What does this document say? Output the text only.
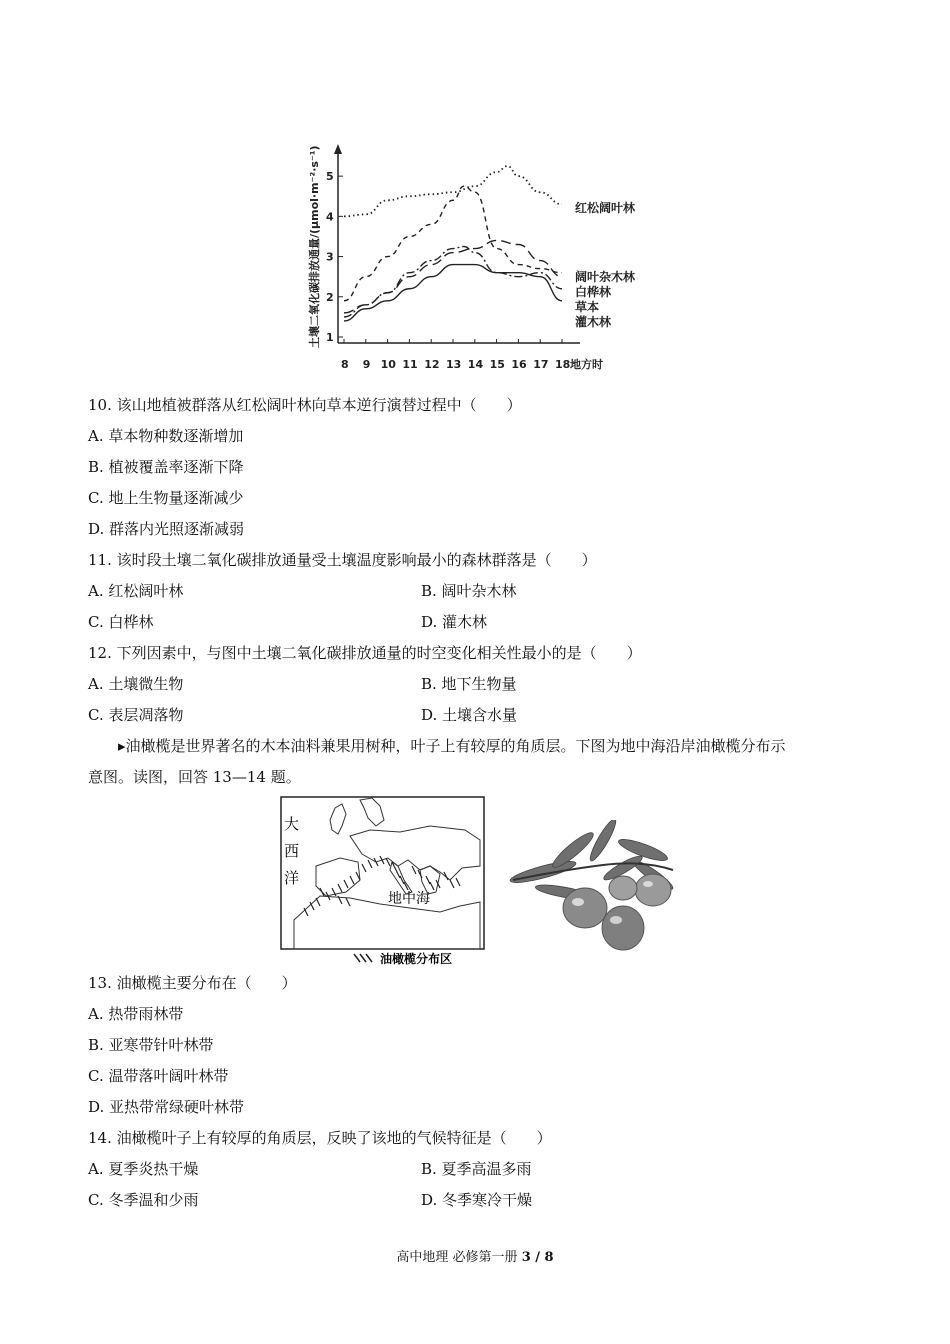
土壤二氧化碳排放通量/(μmol·m⁻²·s⁻¹) 1
2
3
4
5
8 9 10 11 12 13 14 15 16 17 18 地方时
红松阔叶林
阔叶杂木林
白桦林
草本
灌木林
10. 该山地植被群落从红松阔叶林向草本逆行演替过程中（　　）
A. 草本物种数逐渐增加
B. 植被覆盖率逐渐下降
C. 地上生物量逐渐减少
D. 群落内光照逐渐减弱
11. 该时段土壤二氧化碳排放通量受土壤温度影响最小的森林群落是（　　）
A. 红松阔叶林	B. 阔叶杂木林
C. 白桦林	D. 灌木林
12. 下列因素中，与图中土壤二氧化碳排放通量的时空变化相关性最小的是（　　）
A. 土壤微生物	B. 地下生物量
C. 表层凋落物	D. 土壤含水量
▸油橄榄是世界著名的木本油料兼果用树种，叶子上有较厚的角质层。下图为地中海沿岸油橄榄分布示
意图。读图，回答 13—14 题。
大
西
洋
地中海
油橄榄分布区
13. 油橄榄主要分布在（　　）
A. 热带雨林带
B. 亚寒带针叶林带
C. 温带落叶阔叶林带
D. 亚热带常绿硬叶林带
14. 油橄榄叶子上有较厚的角质层，反映了该地的气候特征是（　　）
A. 夏季炎热干燥	B. 夏季高温多雨
C. 冬季温和少雨	D. 冬季寒冷干燥
高中地理 必修第一册 3 / 8
